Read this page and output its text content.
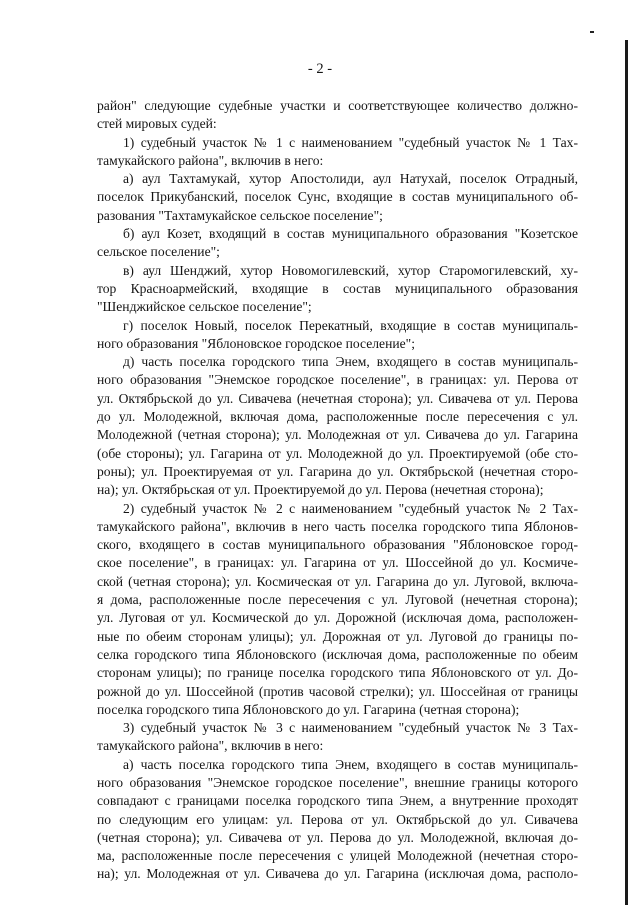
- 2 -
район" следующие судебные участки и соответствующее количество должно-
стей мировых судей:
1) судебный участок № 1 с наименованием "судебный участок № 1 Тах-
тамукайского района", включив в него:
а) аул Тахтамукай, хутор Апостолиди, аул Натухай, поселок Отрадный,
поселок Прикубанский, поселок Сунс, входящие в состав муниципального об-
разования "Тахтамукайское сельское поселение";
б) аул Козет, входящий в состав муниципального образования "Козетское
сельское поселение";
в) аул Шенджий, хутор Новомогилевский, хутор Старомогилевский, ху-
тор Красноармейский, входящие в состав муниципального образования
"Шенджийское сельское поселение";
г) поселок Новый, поселок Перекатный, входящие в состав муниципаль-
ного образования "Яблоновское городское поселение";
д) часть поселка городского типа Энем, входящего в состав муниципаль-
ного образования "Энемское городское поселение", в границах: ул. Перова от
ул. Октябрьской до ул. Сивачева (нечетная сторона); ул. Сивачева от ул. Перова
до ул. Молодежной, включая дома, расположенные после пересечения с ул.
Молодежной (четная сторона); ул. Молодежная от ул. Сивачева до ул. Гагарина
(обе стороны); ул. Гагарина от ул. Молодежной до ул. Проектируемой (обе сто-
роны); ул. Проектируемая от ул. Гагарина до ул. Октябрьской (нечетная сторо-
на); ул. Октябрьская от ул. Проектируемой до ул. Перова (нечетная сторона);
2) судебный участок № 2 с наименованием "судебный участок № 2 Тах-
тамукайского района", включив в него часть поселка городского типа Яблонов-
ского, входящего в состав муниципального образования "Яблоновское город-
ское поселение", в границах: ул. Гагарина от ул. Шоссейной до ул. Космиче-
ской (четная сторона); ул. Космическая от ул. Гагарина до ул. Луговой, включа-
я дома, расположенные после пересечения с ул. Луговой (нечетная сторона);
ул. Луговая от ул. Космической до ул. Дорожной (исключая дома, расположен-
ные по обеим сторонам улицы); ул. Дорожная от ул. Луговой до границы по-
селка городского типа Яблоновского (исключая дома, расположенные по обеим
сторонам улицы); по границе поселка городского типа Яблоновского от ул. До-
рожной до ул. Шоссейной (против часовой стрелки); ул. Шоссейная от границы
поселка городского типа Яблоновского до ул. Гагарина (четная сторона);
3) судебный участок № 3 с наименованием "судебный участок № 3 Тах-
тамукайского района", включив в него:
а) часть поселка городского типа Энем, входящего в состав муниципаль-
ного образования "Энемское городское поселение", внешние границы которого
совпадают с границами поселка городского типа Энем, а внутренние проходят
по следующим его улицам: ул. Перова от ул. Октябрьской до ул. Сивачева
(четная сторона); ул. Сивачева от ул. Перова до ул. Молодежной, включая до-
ма, расположенные после пересечения с улицей Молодежной (нечетная сторо-
на); ул. Молодежная от ул. Сивачева до ул. Гагарина (исключая дома, располо-
